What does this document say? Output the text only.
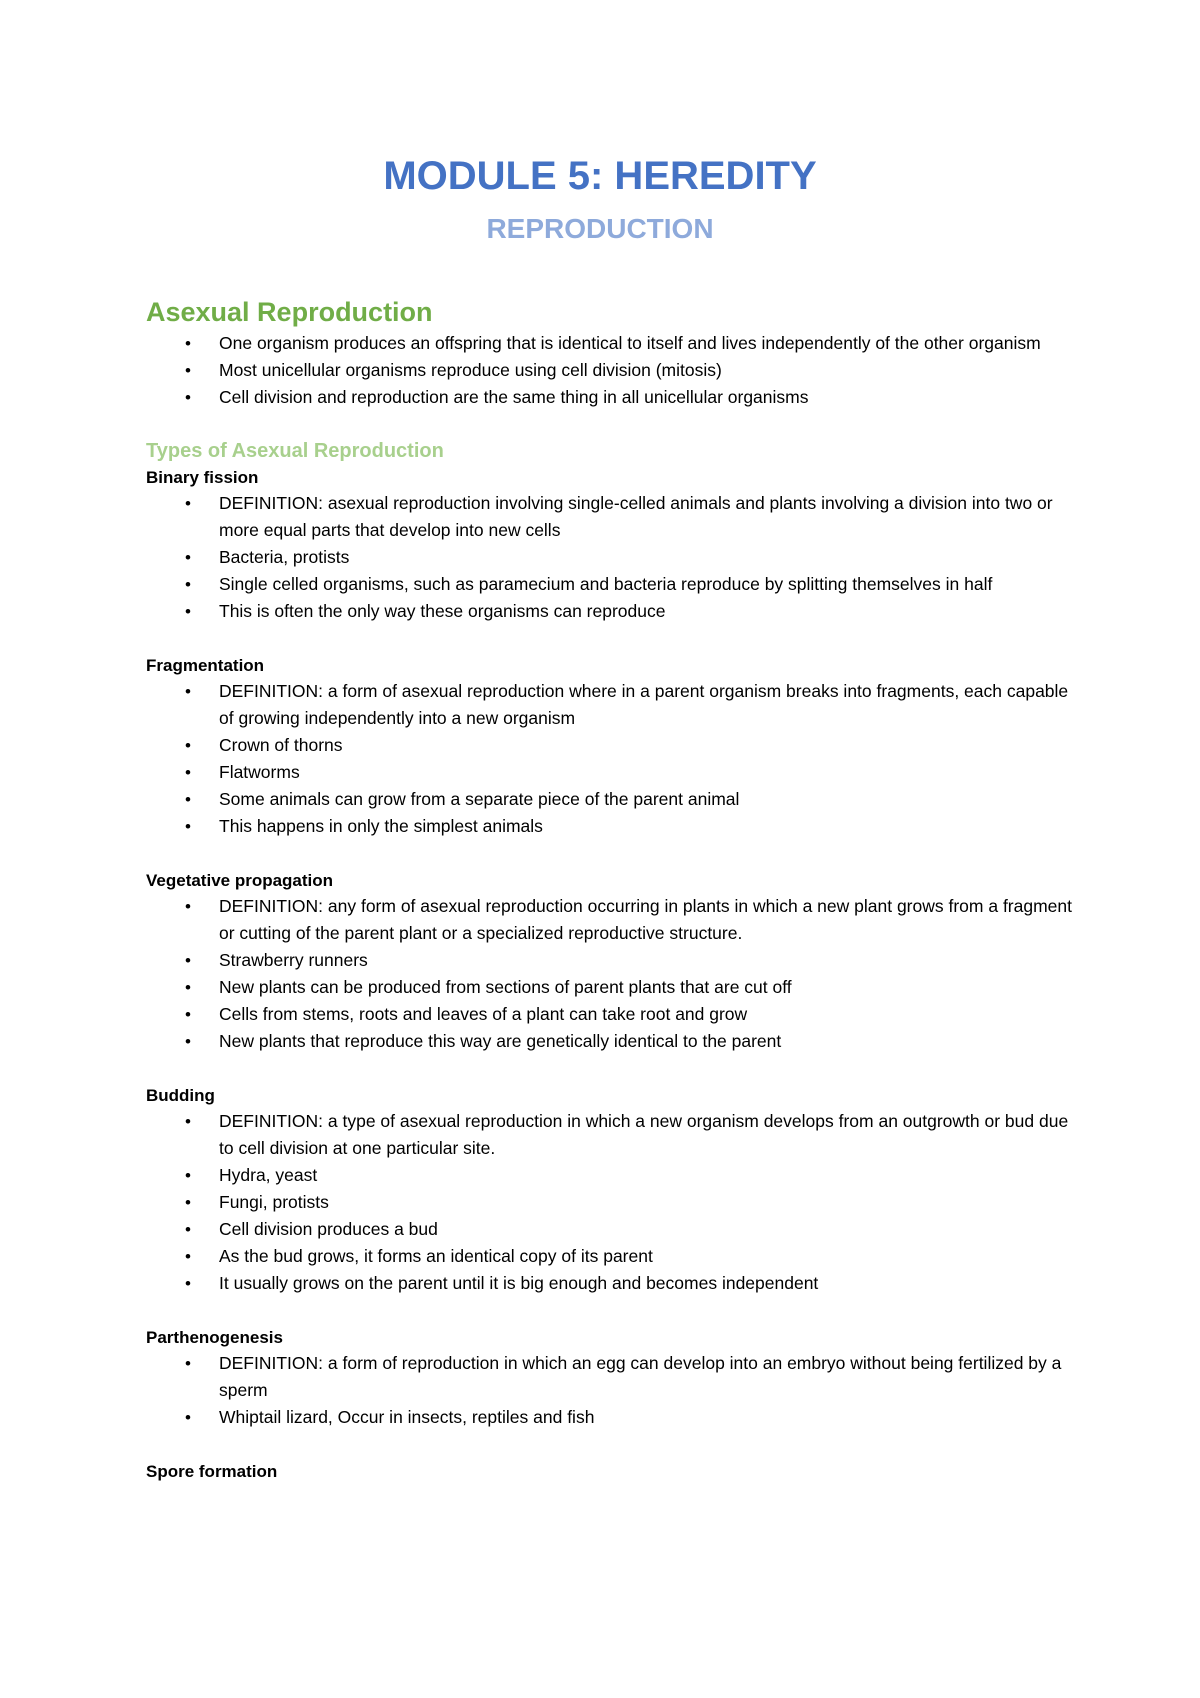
MODULE 5: HEREDITY
REPRODUCTION
Asexual Reproduction
• One organism produces an offspring that is identical to itself and lives independently of the other organism
• Most unicellular organisms reproduce using cell division (mitosis)
• Cell division and reproduction are the same thing in all unicellular organisms
Types of Asexual Reproduction
Binary fission
• DEFINITION: asexual reproduction involving single-celled animals and plants involving a division into two or more equal parts that develop into new cells
• Bacteria, protists
• Single celled organisms, such as paramecium and bacteria reproduce by splitting themselves in half
• This is often the only way these organisms can reproduce
Fragmentation
• DEFINITION: a form of asexual reproduction where in a parent organism breaks into fragments, each capable of growing independently into a new organism
• Crown of thorns
• Flatworms
• Some animals can grow from a separate piece of the parent animal
• This happens in only the simplest animals
Vegetative propagation
• DEFINITION: any form of asexual reproduction occurring in plants in which a new plant grows from a fragment or cutting of the parent plant or a specialized reproductive structure.
• Strawberry runners
• New plants can be produced from sections of parent plants that are cut off
• Cells from stems, roots and leaves of a plant can take root and grow
• New plants that reproduce this way are genetically identical to the parent
Budding
• DEFINITION: a type of asexual reproduction in which a new organism develops from an outgrowth or bud due to cell division at one particular site.
• Hydra, yeast
• Fungi, protists
• Cell division produces a bud
• As the bud grows, it forms an identical copy of its parent
• It usually grows on the parent until it is big enough and becomes independent
Parthenogenesis
• DEFINITION: a form of reproduction in which an egg can develop into an embryo without being fertilized by a sperm
• Whiptail lizard, Occur in insects, reptiles and fish
Spore formation
